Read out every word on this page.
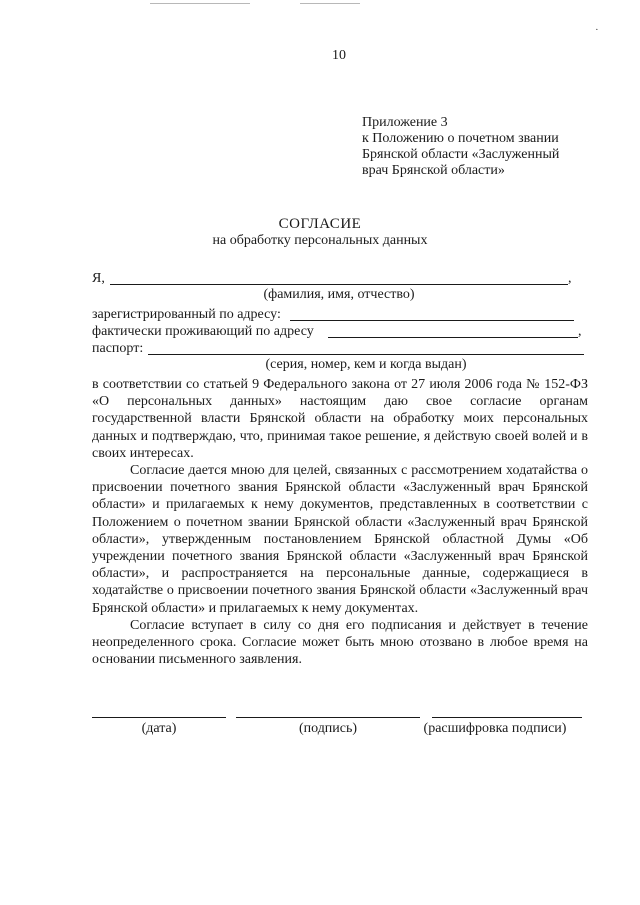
·
10
Приложение 3
к Положению о почетном звании
Брянской области «Заслуженный
врач Брянской области»
СОГЛАСИЕ
на обработку персональных данных
Я,	,
(фамилия, имя, отчество)
зарегистрированный по адресу:
фактически проживающий по адресу	,
паспорт:
(серия, номер, кем и когда выдан)

в соответствии со статьей 9 Федерального закона от 27 июля 2006 года № 152-ФЗ «О персональных данных» настоящим даю свое согласие органам государственной власти Брянской области на обработку моих персональных данных и подтверждаю, что, принимая такое решение, я действую своей волей и в своих интересах.

Согласие дается мною для целей, связанных с рассмотрением ходатайства о присвоении почетного звания Брянской области «Заслуженный врач Брянской области» и прилагаемых к нему документов, представленных в соответствии с Положением о почетном звании Брянской области «Заслуженный врач Брянской области», утвержденным постановлением Брянской областной Думы «Об учреждении почетного звания Брянской области «Заслуженный врач Брянской области», и распространяется на персональные данные, содержащиеся в ходатайстве о присвоении почетного звания Брянской области «Заслуженный врач Брянской области» и прилагаемых к нему документах.

Согласие вступает в силу со дня его подписания и действует в течение неопределенного срока. Согласие может быть мною отозвано в любое время на основании письменного заявления.

(дата)	(подпись)	(расшифровка подписи)
